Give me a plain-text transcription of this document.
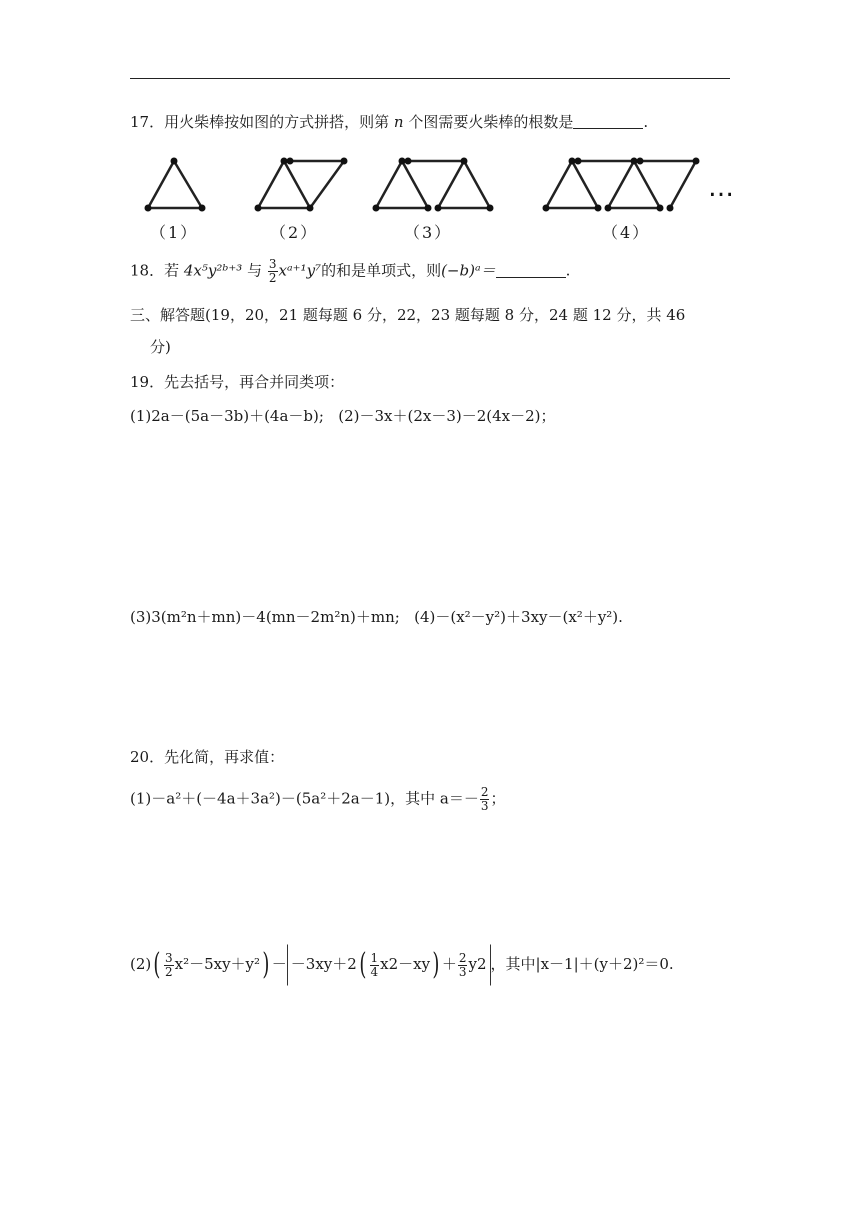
17．用火柴棒按如图的方式拼搭，则第 n 个图需要火柴棒的根数是	.
…
（1）	（2）	（3）	（4）
18．若 4x⁵y²ᵇ⁺³ 与 $\frac{3}{2}$ xᵃ⁺¹y⁷的和是单项式，则(−b)ᵃ＝	.
三、解答题(19，20，21 题每题 6 分，22，23 题每题 8 分，24 题 12 分，共 46
分)
19．先去括号，再合并同类项：
(1)2a－(5a－3b)＋(4a－b); (2)－3x＋(2x－3)－2(4x－2)；
(3)3(m²n＋mn)－4(mn－2m²n)＋mn; (4)－(x²－y²)＋3xy－(x²＋y²).
20．先化简，再求值：
(1)－a²＋(－4a＋3a²)－(5a²＋2a－1)，其中 $a=- \frac{2}{3}$ ；
$(2)( \frac{3}{2} x^2-5xy+y^2) - -3xy+2( \frac{1}{4} x2-xy) + \frac{2}{3} y2$ ，其中|x－1|＋(y＋2)²＝0.
